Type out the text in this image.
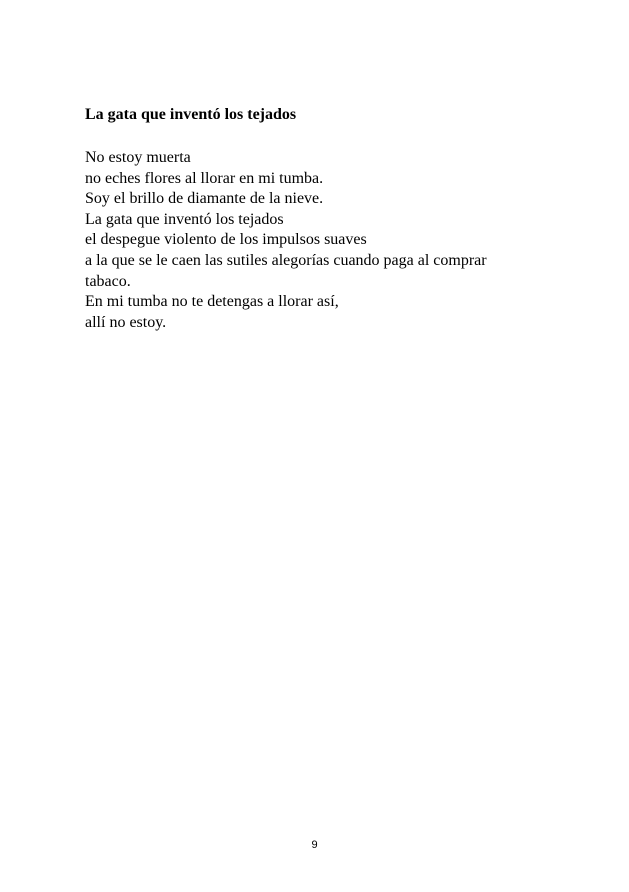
La gata que inventó los tejados
No estoy muerta
no eches flores al llorar en mi tumba.
Soy el brillo de diamante de la nieve.
La gata que inventó los tejados
el despegue violento de los impulsos suaves
a la que se le caen las sutiles alegorías cuando paga al comprar
tabaco.
En mi tumba no te detengas a llorar así,
allí no estoy.
9
